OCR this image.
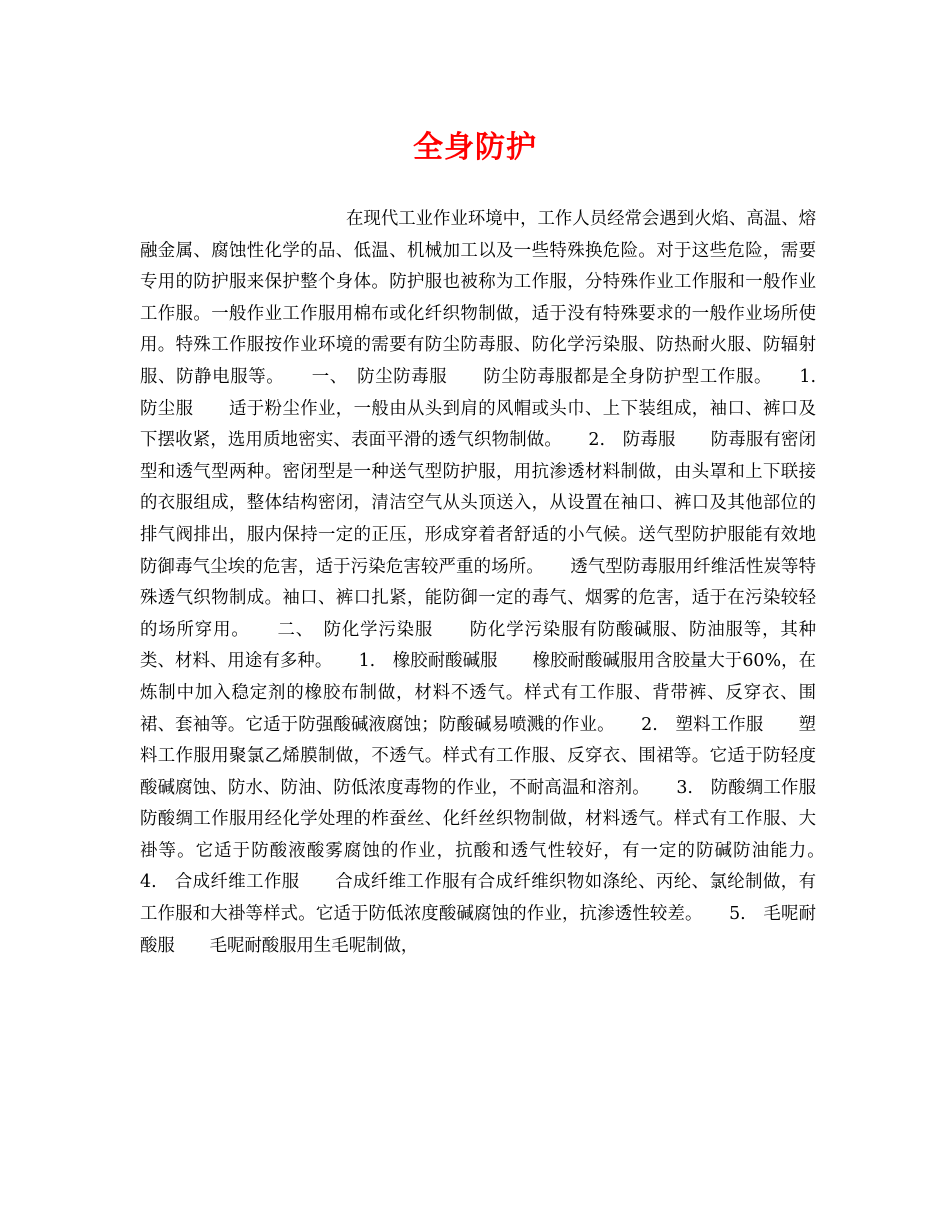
全身防护

在现代工业作业环境中，工作人员经常会遇到火焰、高温、熔融金属、腐蚀性化学的品、低温、机械加工以及一些特殊换危险。对于这些危险，需要专用的防护服来保护整个身体。防护服也被称为工作服，分特殊作业工作服和一般作业工作服。一般作业工作服用棉布或化纤织物制做，适于没有特殊要求的一般作业场所使用。特殊工作服按作业环境的需要有防尘防毒服、防化学污染服、防热耐火服、防辐射服、防静电服等。　　一、　防尘防毒服　　防尘防毒服都是全身防护型工作服。　　1.　防尘服　　适于粉尘作业，一般由从头到肩的风帽或头巾、上下装组成，袖口、裤口及下摆收紧，选用质地密实、表面平滑的透气织物制做。　　2.　防毒服　　防毒服有密闭型和透气型两种。密闭型是一种送气型防护服，用抗渗透材料制做，由头罩和上下联接的衣服组成，整体结构密闭，清洁空气从头顶送入，从设置在袖口、裤口及其他部位的排气阀排出，服内保持一定的正压，形成穿着者舒适的小气候。送气型防护服能有效地防御毒气尘埃的危害，适于污染危害较严重的场所。　　透气型防毒服用纤维活性炭等特殊透气织物制成。袖口、裤口扎紧，能防御一定的毒气、烟雾的危害，适于在污染较轻的场所穿用。　　二、　防化学污染服　　防化学污染服有防酸碱服、防油服等，其种类、材料、用途有多种。　　1.　橡胶耐酸碱服　　橡胶耐酸碱服用含胶量大于60%，在炼制中加入稳定剂的橡胶布制做，材料不透气。样式有工作服、背带裤、反穿衣、围裙、套袖等。它适于防强酸碱液腐蚀；防酸碱易喷溅的作业。　　2.　塑料工作服　　塑料工作服用聚氯乙烯膜制做，不透气。样式有工作服、反穿衣、围裙等。它适于防轻度酸碱腐蚀、防水、防油、防低浓度毒物的作业，不耐高温和溶剂。　　3.　防酸绸工作服　　防酸绸工作服用经化学处理的柞蚕丝、化纤丝织物制做，材料透气。样式有工作服、大褂等。它适于防酸液酸雾腐蚀的作业，抗酸和透气性较好，有一定的防碱防油能力。　　4.　合成纤维工作服　　合成纤维工作服有合成纤维织物如涤纶、丙纶、氯纶制做，有工作服和大褂等样式。它适于防低浓度酸碱腐蚀的作业，抗渗透性较差。　　5.　毛呢耐酸服　　毛呢耐酸服用生毛呢制做，
